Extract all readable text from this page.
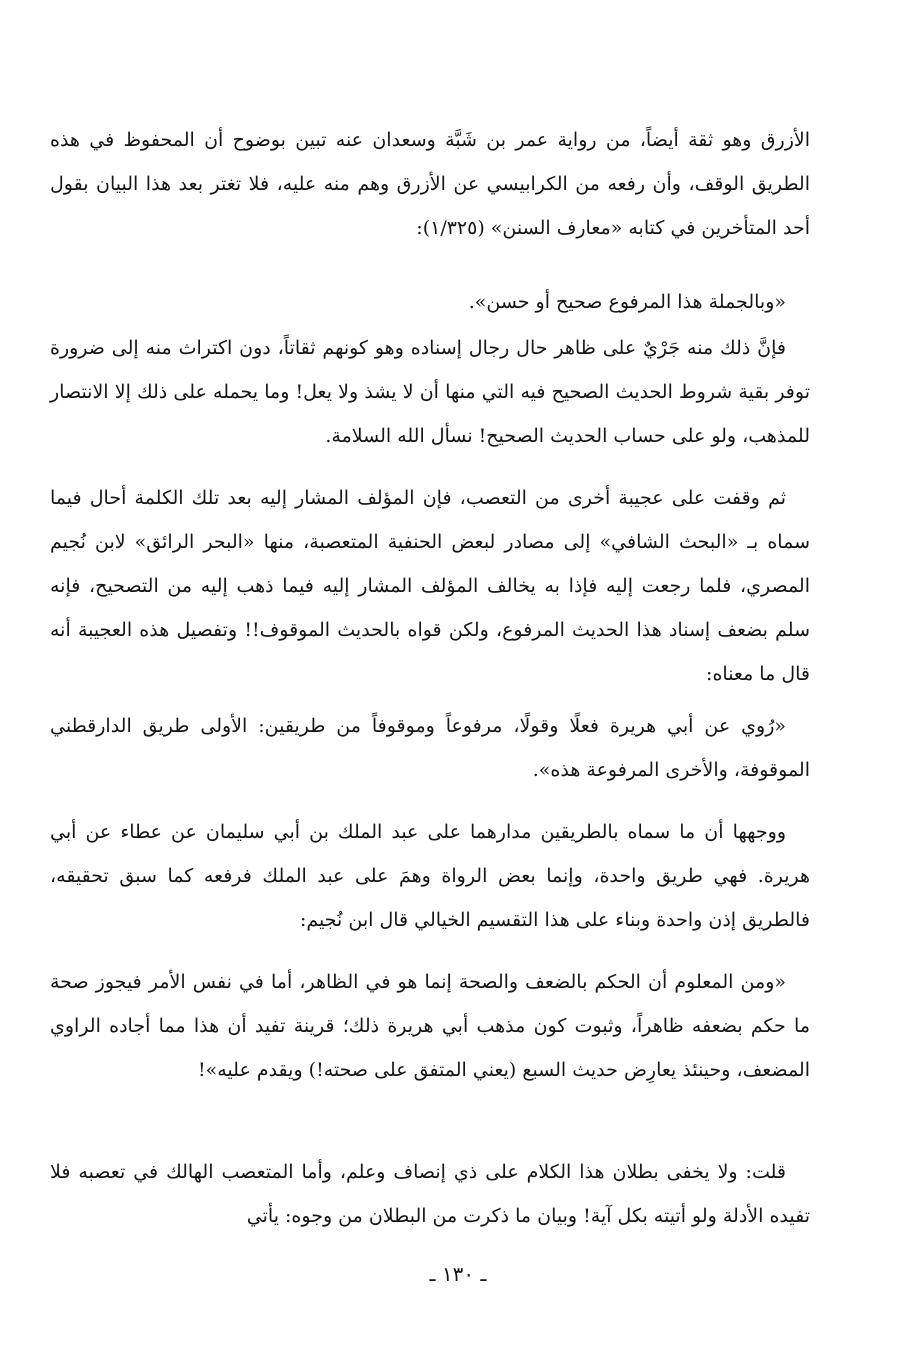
الأزرق وهو ثقة أيضاً، من رواية عمر بن شَبَّة وسعدان عنه تبين بوضوح أن المحفوظ في هذه الطريق الوقف، وأن رفعه من الكرابيسي عن الأزرق وهم منه عليه، فلا تغتر بعد هذا البيان بقول أحد المتأخرين في كتابه «معارف السنن» (١/٣٢٥):

«وبالجملة هذا المرفوع صحيح أو حسن».

فإنَّ ذلك منه جَرْيٌ على ظاهر حال رجال إسناده وهو كونهم ثقاتاً، دون اكتراث منه إلى ضرورة توفر بقية شروط الحديث الصحيح فيه التي منها أن لا يشذ ولا يعل! وما يحمله على ذلك إلا الانتصار للمذهب، ولو على حساب الحديث الصحيح! نسأل الله السلامة.

ثم وقفت على عجيبة أخرى من التعصب، فإن المؤلف المشار إليه بعد تلك الكلمة أحال فيما سماه بـ «البحث الشافي» إلى مصادر لبعض الحنفية المتعصبة، منها «البحر الرائق» لابن نُجيم المصري، فلما رجعت إليه فإذا به يخالف المؤلف المشار إليه فيما ذهب إليه من التصحيح، فإنه سلم بضعف إسناد هذا الحديث المرفوع، ولكن قواه بالحديث الموقوف!! وتفصيل هذه العجيبة أنه قال ما معناه:

«رُوي عن أبي هريرة فعلًا وقولًا، مرفوعاً وموقوفاً من طريقين: الأولى طريق الدارقطني الموقوفة، والأخرى المرفوعة هذه».

ووجهها أن ما سماه بالطريقين مدارهما على عبد الملك بن أبي سليمان عن عطاء عن أبي هريرة. فهي طريق واحدة، وإنما بعض الرواة وهمَ على عبد الملك فرفعه كما سبق تحقيقه، فالطريق إذن واحدة وبناء على هذا التقسيم الخيالي قال ابن نُجيم:

«ومن المعلوم أن الحكم بالضعف والصحة إنما هو في الظاهر، أما في نفس الأمر فيجوز صحة ما حكم بضعفه ظاهراً، وثبوت كون مذهب أبي هريرة ذلك؛ قرينة تفيد أن هذا مما أجاده الراوي المضعف، وحينئذ يعارِض حديث السبع (يعني المتفق على صحته!) ويقدم عليه»!

قلت: ولا يخفى بطلان هذا الكلام على ذي إنصاف وعلم، وأما المتعصب الهالك في تعصبه فلا تفيده الأدلة ولو أتيته بكل آية! وبيان ما ذكرت من البطلان من وجوه: يأتي

ـ ١٣٠ ـ
